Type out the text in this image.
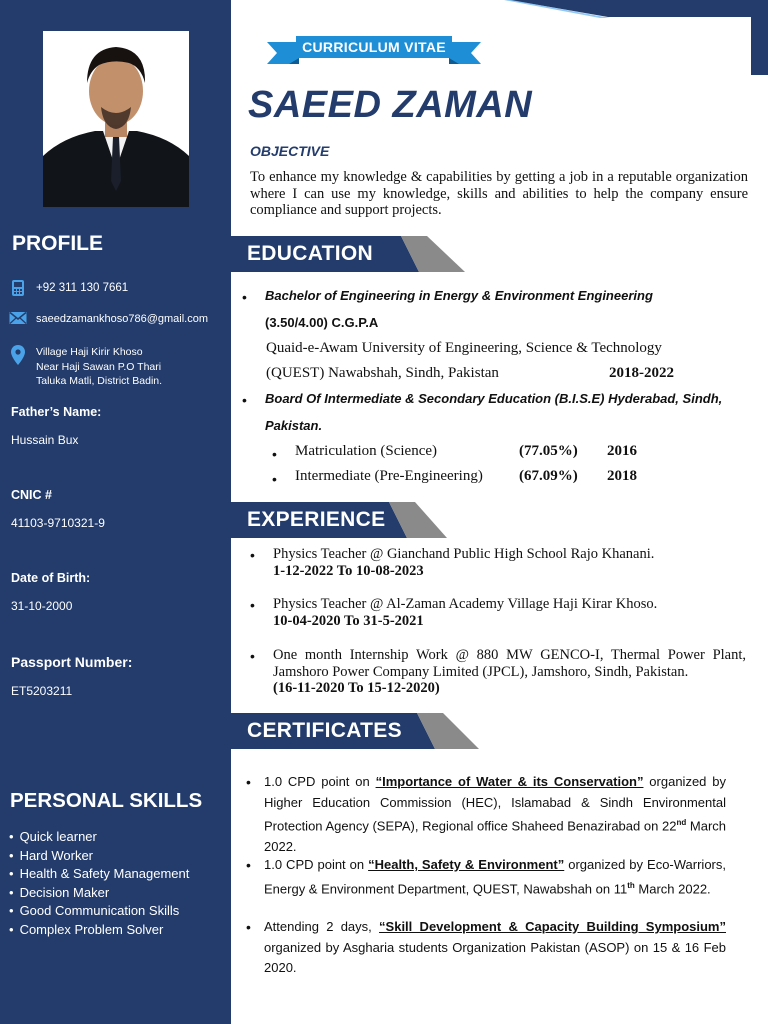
PROFILE
+92 311 130 7661
saeedzamankhoso786@gmail.com
Village Haji Kirir Khoso
Near Haji Sawan P.O Thari
Taluka Matli, District Badin.
Father’s Name:
Hussain Bux
CNIC #
41103-9710321-9
Date of Birth:
31-10-2000
Passport Number:
ET5203211
PERSONAL SKILLS
• Quick learner
• Hard Worker
• Health & Safety Management
• Decision Maker
• Good Communication Skills
• Complex Problem Solver
CURRICULUM VITAE
SAEED ZAMAN
OBJECTIVE
To enhance my knowledge & capabilities by getting a job in a reputable organization where I can use my knowledge, skills and abilities to help the company ensure compliance and support projects.
EDUCATION
• Bachelor of Engineering in Energy & Environment Engineering
(3.50/4.00) C.G.P.A
Quaid-e-Awam University of Engineering, Science & Technology
(QUEST) Nawabshah, Sindh, Pakistan	2018-2022
• Board Of Intermediate & Secondary Education (B.I.S.E) Hyderabad, Sindh,
Pakistan.
• Matriculation (Science)	(77.05%) 2016
• Intermediate (Pre-Engineering) (67.09%) 2018
EXPERIENCE
• Physics Teacher @ Gianchand Public High School Rajo Khanani.
1-12-2022 To 10-08-2023
• Physics Teacher @ Al-Zaman Academy Village Haji Kirar Khoso.
10-04-2020 To 31-5-2021
• One month Internship Work @ 880 MW GENCO-I, Thermal Power Plant, Jamshoro Power Company Limited (JPCL), Jamshoro, Sindh, Pakistan.
(16-11-2020 To 15-12-2020)
CERTIFICATES
• 1.0 CPD point on “Importance of Water & its Conservation” organized by Higher Education Commission (HEC), Islamabad & Sindh Environmental Protection Agency (SEPA), Regional office Shaheed Benazirabad on 22nd March 2022.
• 1.0 CPD point on “Health, Safety & Environment” organized by Eco-Warriors, Energy & Environment Department, QUEST, Nawabshah on 11th March 2022.
• Attending 2 days, “Skill Development & Capacity Building Symposium” organized by Asgharia students Organization Pakistan (ASOP) on 15 & 16 Feb 2020.
